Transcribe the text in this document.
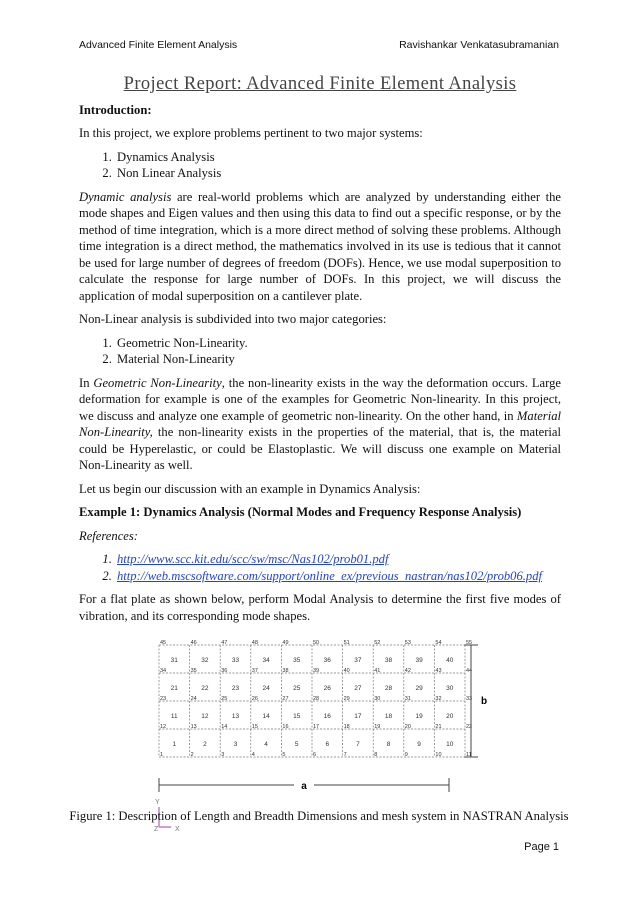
Advanced Finite Element Analysis	Ravishankar Venkatasubramanian
Project Report: Advanced Finite Element Analysis

Introduction:

In this project, we explore problems pertinent to two major systems:

1. Dynamics Analysis
2. Non Linear Analysis

Dynamic analysis are real-world problems which are analyzed by understanding either the mode shapes and Eigen values and then using this data to find out a specific response, or by the method of time integration, which is a more direct method of solving these problems. Although time integration is a direct method, the mathematics involved in its use is tedious that it cannot be used for large number of degrees of freedom (DOFs). Hence, we use modal superposition to calculate the response for large number of DOFs. In this project, we will discuss the application of modal superposition on a cantilever plate.

Non-Linear analysis is subdivided into two major categories:

1. Geometric Non-Linearity.
2. Material Non-Linearity

In Geometric Non-Linearity, the non-linearity exists in the way the deformation occurs. Large deformation for example is one of the examples for Geometric Non-linearity. In this project, we discuss and analyze one example of geometric non-linearity. On the other hand, in Material Non-Linearity, the non-linearity exists in the properties of the material, that is, the material could be Hyperelastic, or could be Elastoplastic. We will discuss one example on Material Non-Linearity as well.

Let us begin our discussion with an example in Dynamics Analysis:

Example 1: Dynamics Analysis (Normal Modes and Frequency Response Analysis)

References:

1. http://www.scc.kit.edu/scc/sw/msc/Nas102/prob01.pdf
2. http://web.mscsoftware.com/support/online_ex/previous_nastran/nas102/prob06.pdf

For a flat plate as shown below, perform Modal Analysis to determine the first five modes of vibration, and its corresponding mode shapes.

31	32	33	34	35	36	37	38	39	40
21	22	23	24	25	26	27	28	29	30
11	12	13	14	15	16	17	18	19	20
1	2	3	4	5	6	7	8	9	10
45	46	47	48	49	50	51	52	53	54	55
34	35	36	37	38	39	40	41	42	43	44
23	24	25	26	27	28	29	30	31	32	33
12	13	14	15	16	17	18	19	20	21	22
1	2	3	4	5	6	7	8	9	10	11
b
a
Y
Z X
Figure 1: Description of Length and Breadth Dimensions and mesh system in NASTRAN Analysis
Page 1
